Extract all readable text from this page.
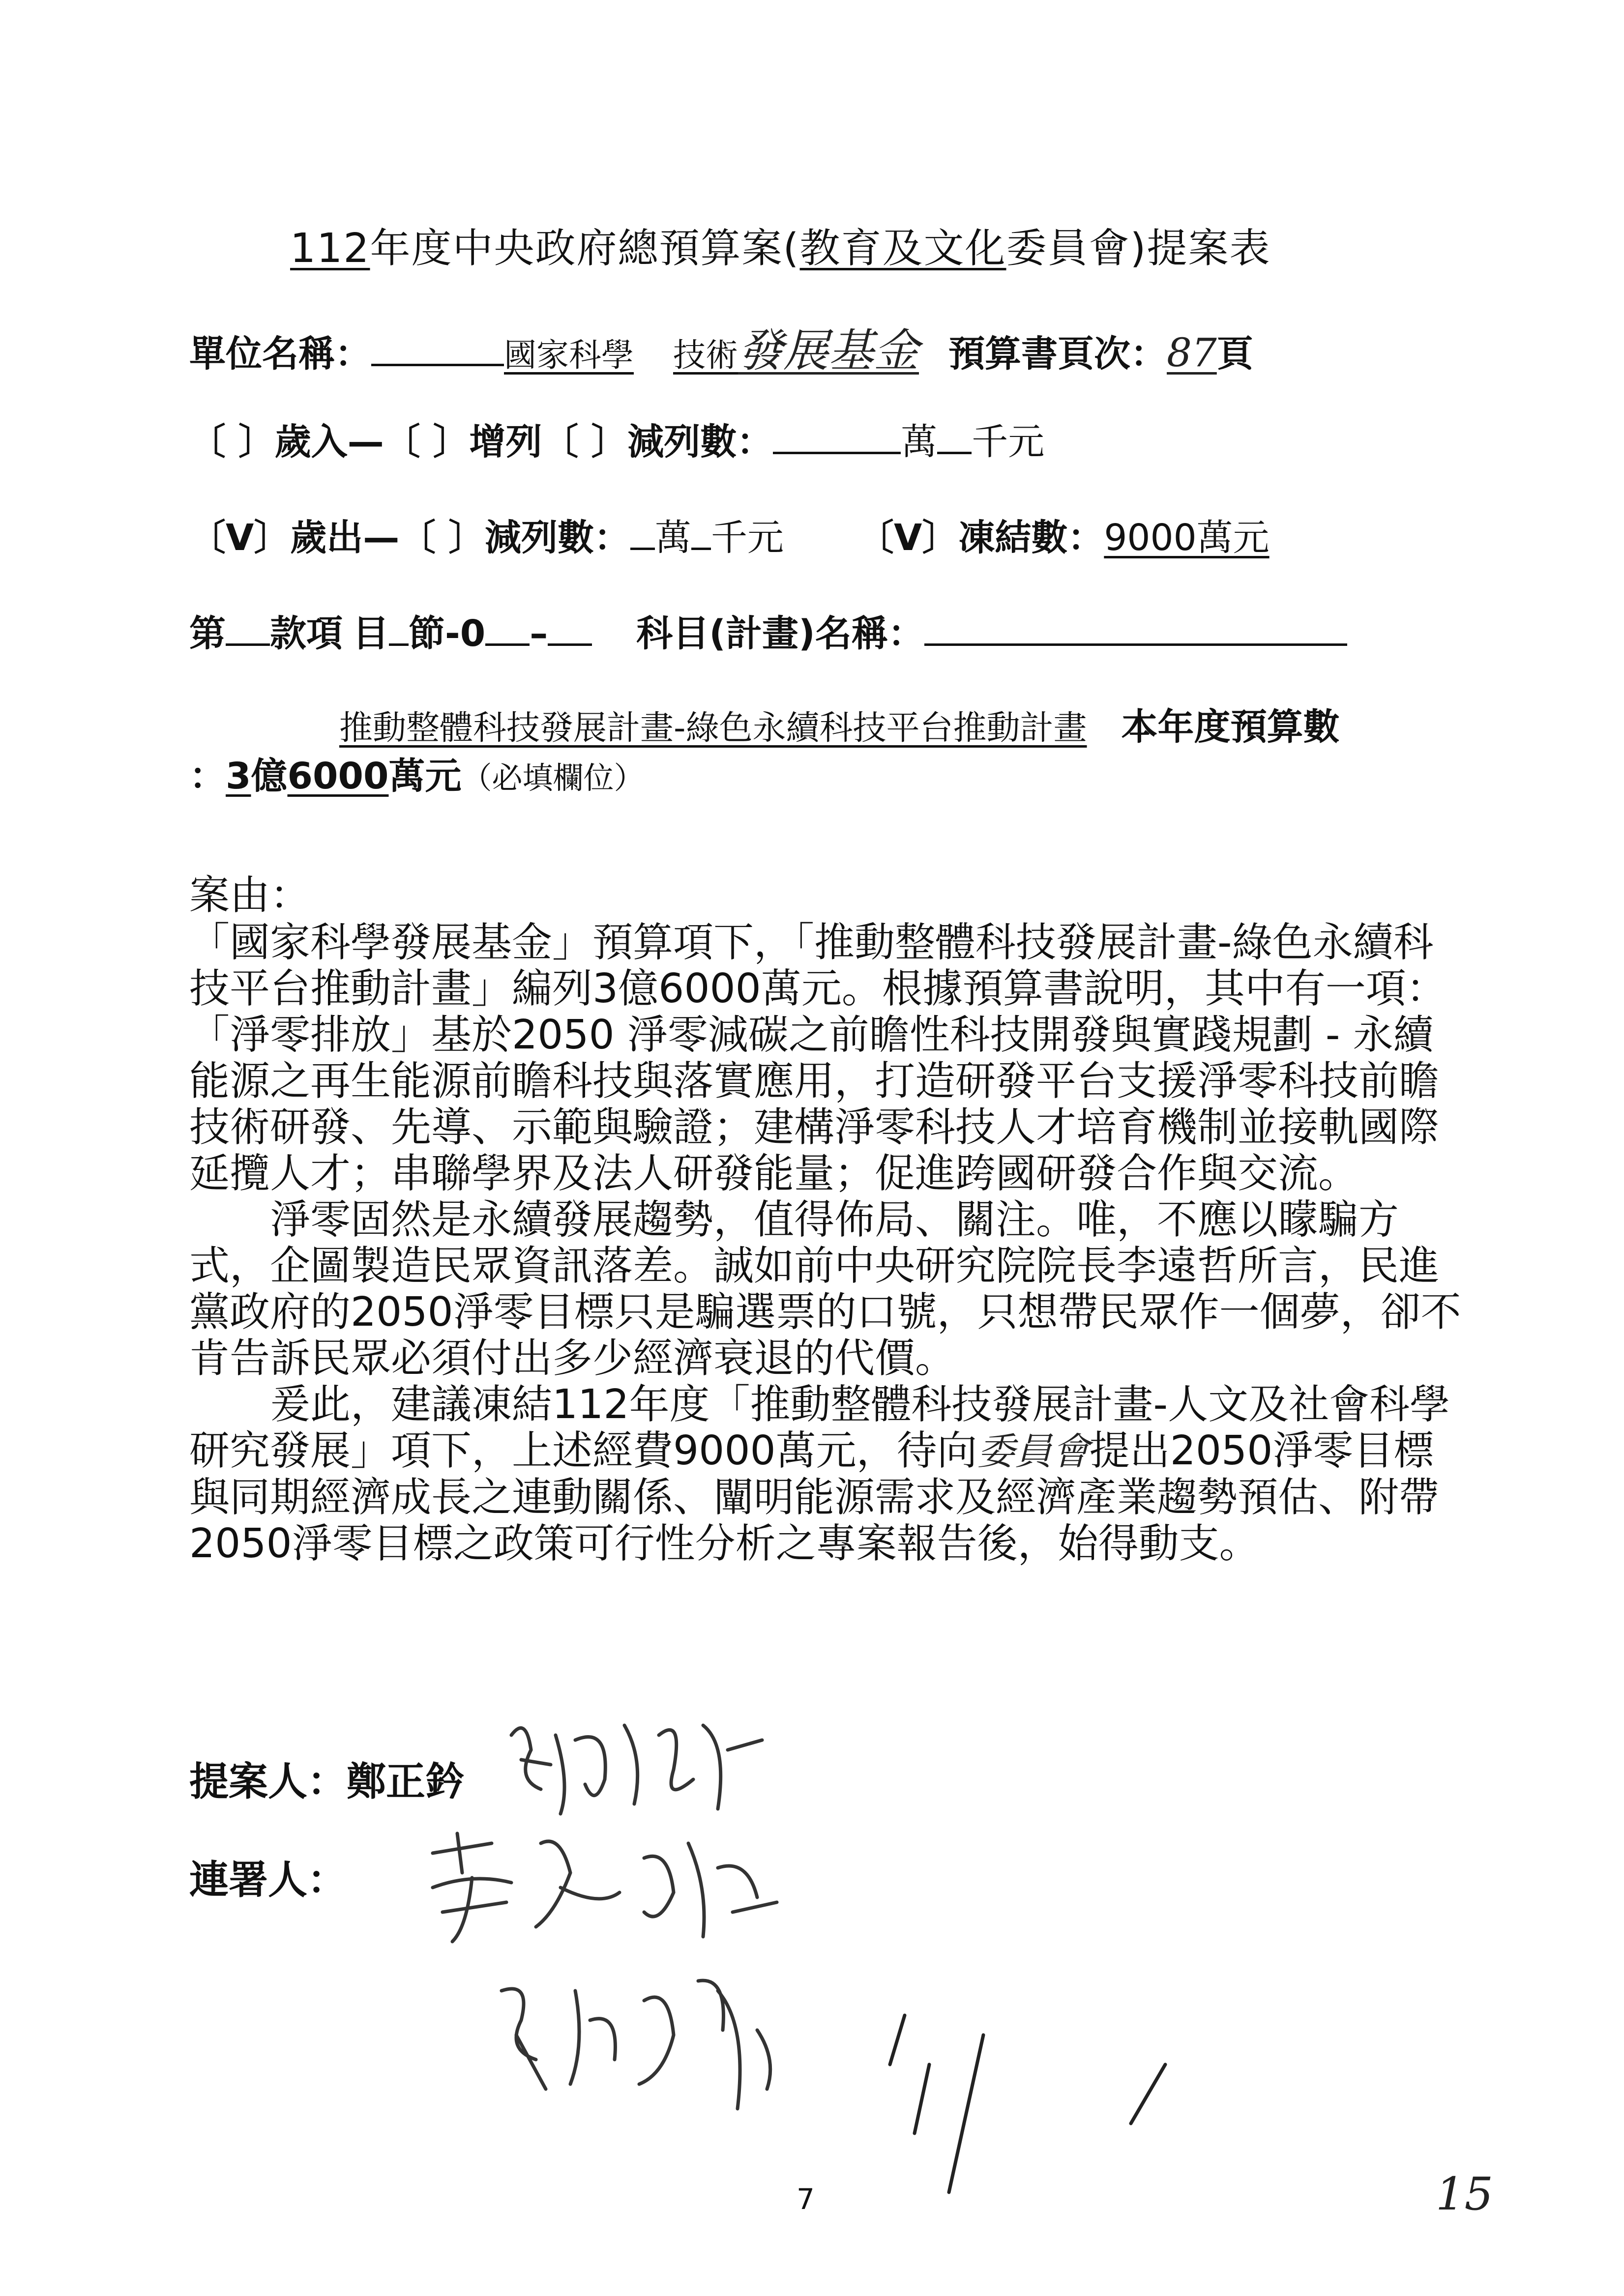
112年度中央政府總預算案(教育及文化委員會)提案表
單位名稱：	國家科學 技術發展基金 預算書頁次：87頁
〔 〕歲入—〔 〕增列〔 〕減列數：	萬 千元
〔V〕歲出—〔 〕減列數： 萬 千元 〔V〕凍結數：9000萬元
第 款項 目 節-0 – 科目(計畫)名稱：
推動整體科技發展計畫-綠色永續科技平台推動計畫 本年度預算數
：3億6000萬元（必填欄位）

案由：

「國家科學發展基金」預算項下，「推動整體科技發展計畫-綠色永續科技平台推動計畫」編列3億6000萬元。根據預算書說明，其中有一項：「淨零排放」基於2050 淨零減碳之前瞻性科技開發與實踐規劃 - 永續能源之再生能源前瞻科技與落實應用，打造研發平台支援淨零科技前瞻技術研發、先導、示範與驗證；建構淨零科技人才培育機制並接軌國際延攬人才；串聯學界及法人研發能量；促進跨國研發合作與交流。

淨零固然是永續發展趨勢，值得佈局、關注。唯，不應以矇騙方式，企圖製造民眾資訊落差。誠如前中央研究院院長李遠哲所言，民進黨政府的2050淨零目標只是騙選票的口號，只想帶民眾作一個夢，卻不肯告訴民眾必須付出多少經濟衰退的代價。

爰此，建議凍結112年度「推動整體科技發展計畫-人文及社會科學研究發展」項下，上述經費9000萬元，待向委員會提出2050淨零目標與同期經濟成長之連動關係、闡明能源需求及經濟產業趨勢預估、附帶2050淨零目標之政策可行性分析之專案報告後，始得動支。

提案人：鄭正鈐
連署人：
7	15
